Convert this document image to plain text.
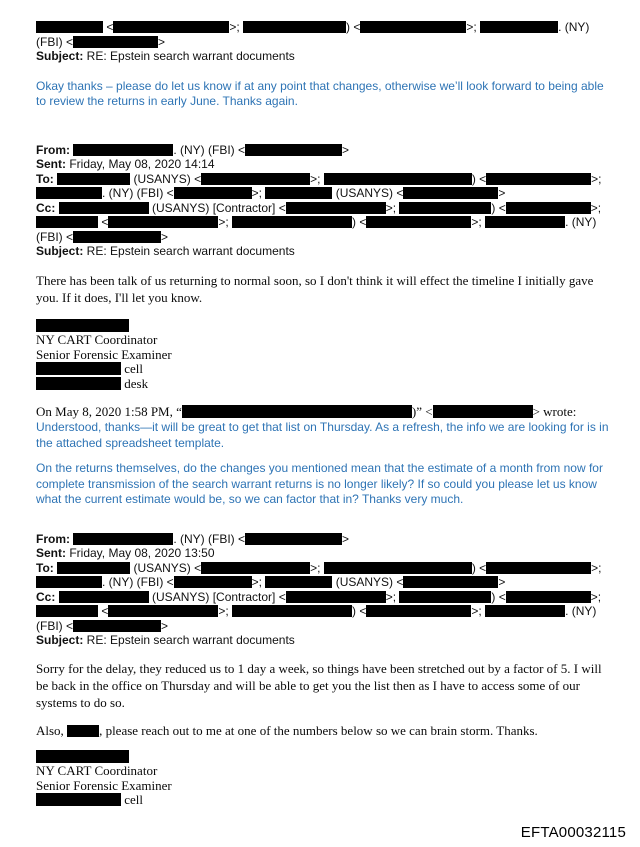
<	>;	) <	>;	. (NY)
(FBI) <	>
Subject: RE: Epstein search warrant documents
Okay thanks – please do let us know if at any point that changes, otherwise we’ll look forward to being able to review the returns in early June. Thanks again.
From:	. (NY) (FBI) <	>
Sent: Friday, May 08, 2020 14:14
To:	(USANYS) <	>;	) <	>;
. (NY) (FBI) <	>;	(USANYS) <	>
Cc:	(USANYS) [Contractor] <	>;	) <	>;
<	>;	) <	>;	. (NY)
(FBI) <	>
Subject: RE: Epstein search warrant documents
There has been talk of us returning to normal soon, so I don't think it will effect the timeline I initially gave you. If it does, I'll let you know.
NY CART Coordinator
Senior Forensic Examiner
cell
desk
On May 8, 2020 1:58 PM, “	)” <	> wrote:
Understood, thanks—it will be great to get that list on Thursday. As a refresh, the info we are looking for is in the attached spreadsheet template.
On the returns themselves, do the changes you mentioned mean that the estimate of a month from now for complete transmission of the search warrant returns is no longer likely? If so could you please let us know what the current estimate would be, so we can factor that in? Thanks very much.
From:	. (NY) (FBI) <	>
Sent: Friday, May 08, 2020 13:50
To:	(USANYS) <	>;	) <	>;
. (NY) (FBI) <	>;	(USANYS) <	>
Cc:	(USANYS) [Contractor] <	>;	) <	>;
<	>;	) <	>;	. (NY)
(FBI) <	>
Subject: RE: Epstein search warrant documents
Sorry for the delay, they reduced us to 1 day a week, so things have been stretched out by a factor of 5. I will be back in the office on Thursday and will be able to get you the list then as I have to access some of our systems to do so.
Also, , please reach out to me at one of the numbers below so we can brain storm. Thanks.
NY CART Coordinator
Senior Forensic Examiner
cell
EFTA00032115
